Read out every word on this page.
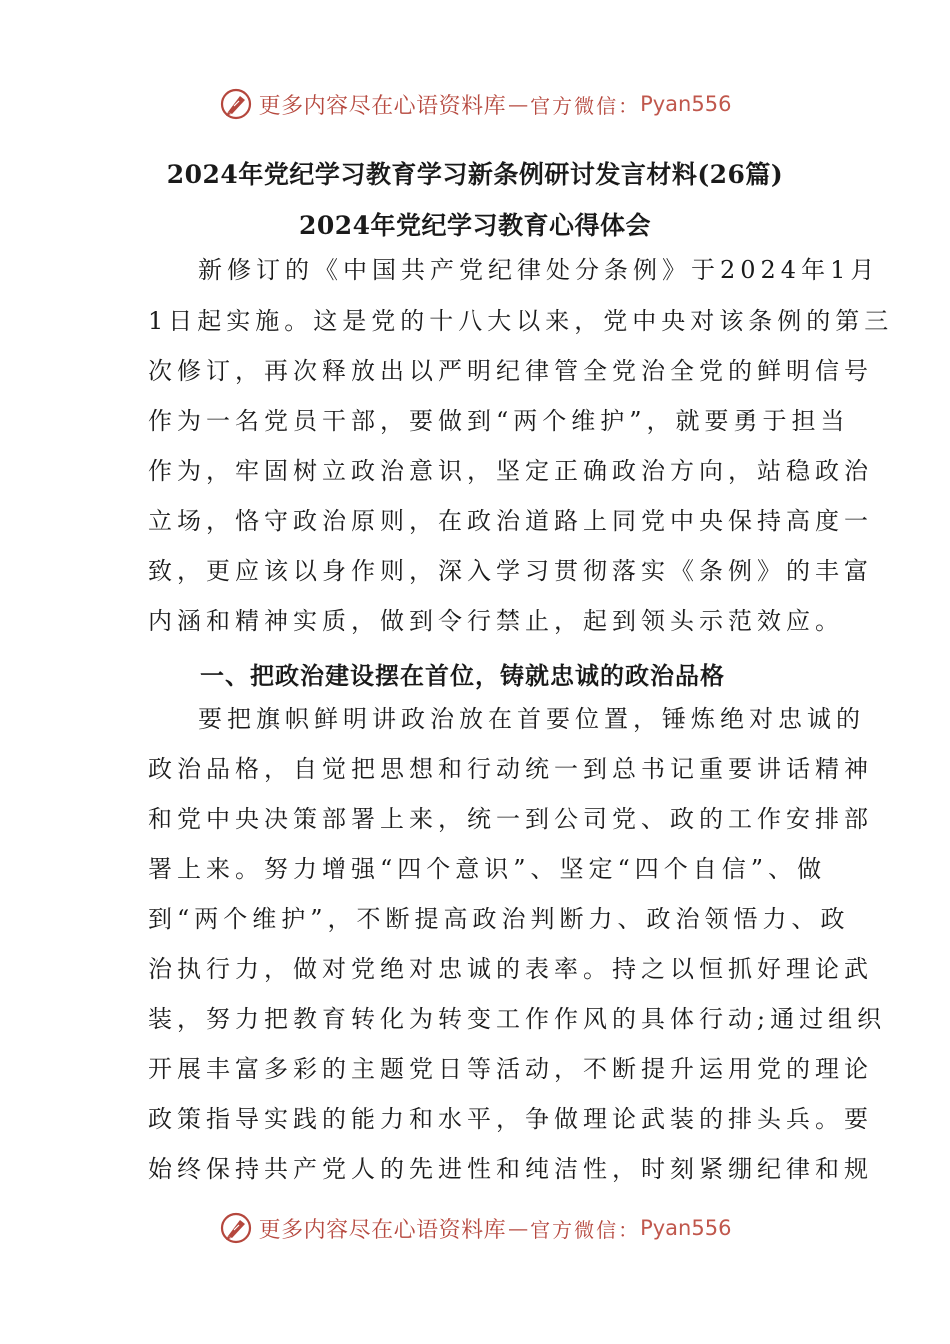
更多内容尽在心语资料库 — 官方微信： Pyan556
2024年党纪学习教育学习新条例研讨发言材料(26篇)
2024年党纪学习教育心得体会
新修订的《中国共产党纪律处分条例》于2024年1月
1日起实施。这是党的十八大以来，党中央对该条例的第三
次修订，再次释放出以严明纪律管全党治全党的鲜明信号
作为一名党员干部，要做到“两个维护”，就要勇于担当
作为，牢固树立政治意识，坚定正确政治方向，站稳政治
立场，恪守政治原则，在政治道路上同党中央保持高度一
致，更应该以身作则，深入学习贯彻落实《条例》的丰富
内涵和精神实质，做到令行禁止，起到领头示范效应。
一、把政治建设摆在首位，铸就忠诚的政治品格
要把旗帜鲜明讲政治放在首要位置，锤炼绝对忠诚的
政治品格，自觉把思想和行动统一到总书记重要讲话精神
和党中央决策部署上来，统一到公司党、政的工作安排部
署上来。努力增强“四个意识”、坚定“四个自信”、做
到“两个维护”，不断提高政治判断力、政治领悟力、政
治执行力，做对党绝对忠诚的表率。持之以恒抓好理论武
装，努力把教育转化为转变工作作风的具体行动;通过组织
开展丰富多彩的主题党日等活动，不断提升运用党的理论
政策指导实践的能力和水平，争做理论武装的排头兵。要
始终保持共产党人的先进性和纯洁性，时刻紧绷纪律和规
更多内容尽在心语资料库 — 官方微信： Pyan556
